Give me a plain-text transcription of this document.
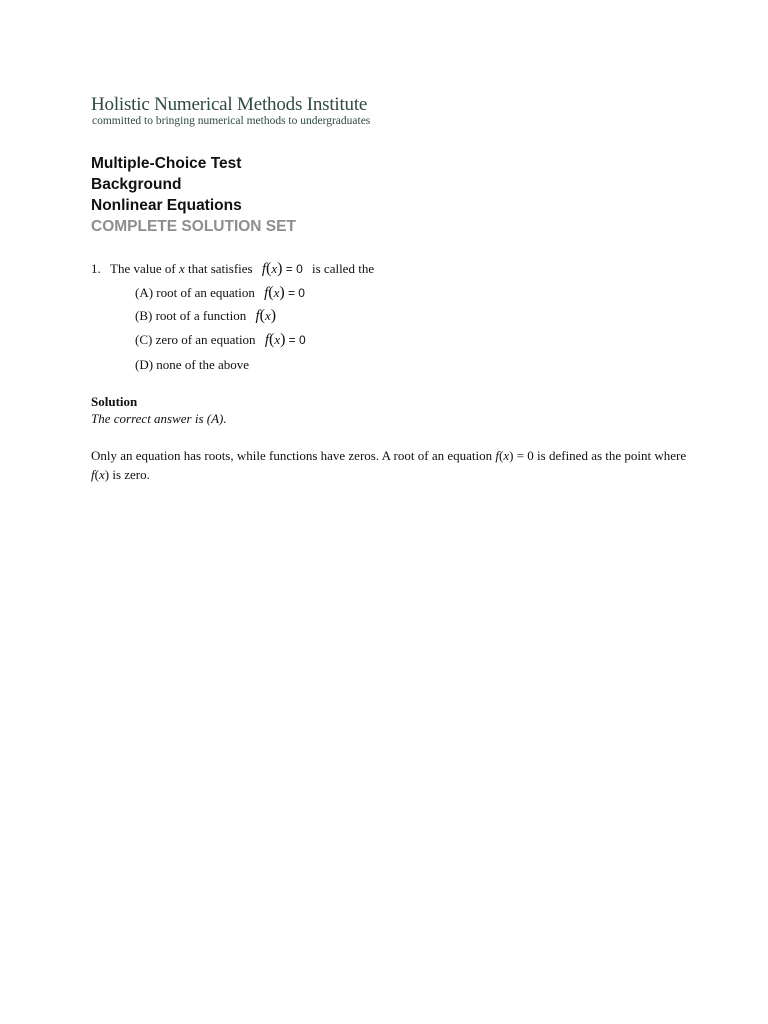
Holistic Numerical Methods Institute
committed to bringing numerical methods to undergraduates
Multiple-Choice Test
Background
Nonlinear Equations
COMPLETE SOLUTION SET
1. The value of x that satisfies f(x) = 0 is called the
(A) root of an equation f(x) = 0
(B) root of a function f(x)
(C) zero of an equation f(x) = 0
(D) none of the above
Solution
The correct answer is (A).
Only an equation has roots, while functions have zeros. A root of an equation f(x) = 0 is defined as the point where f(x) is zero.
